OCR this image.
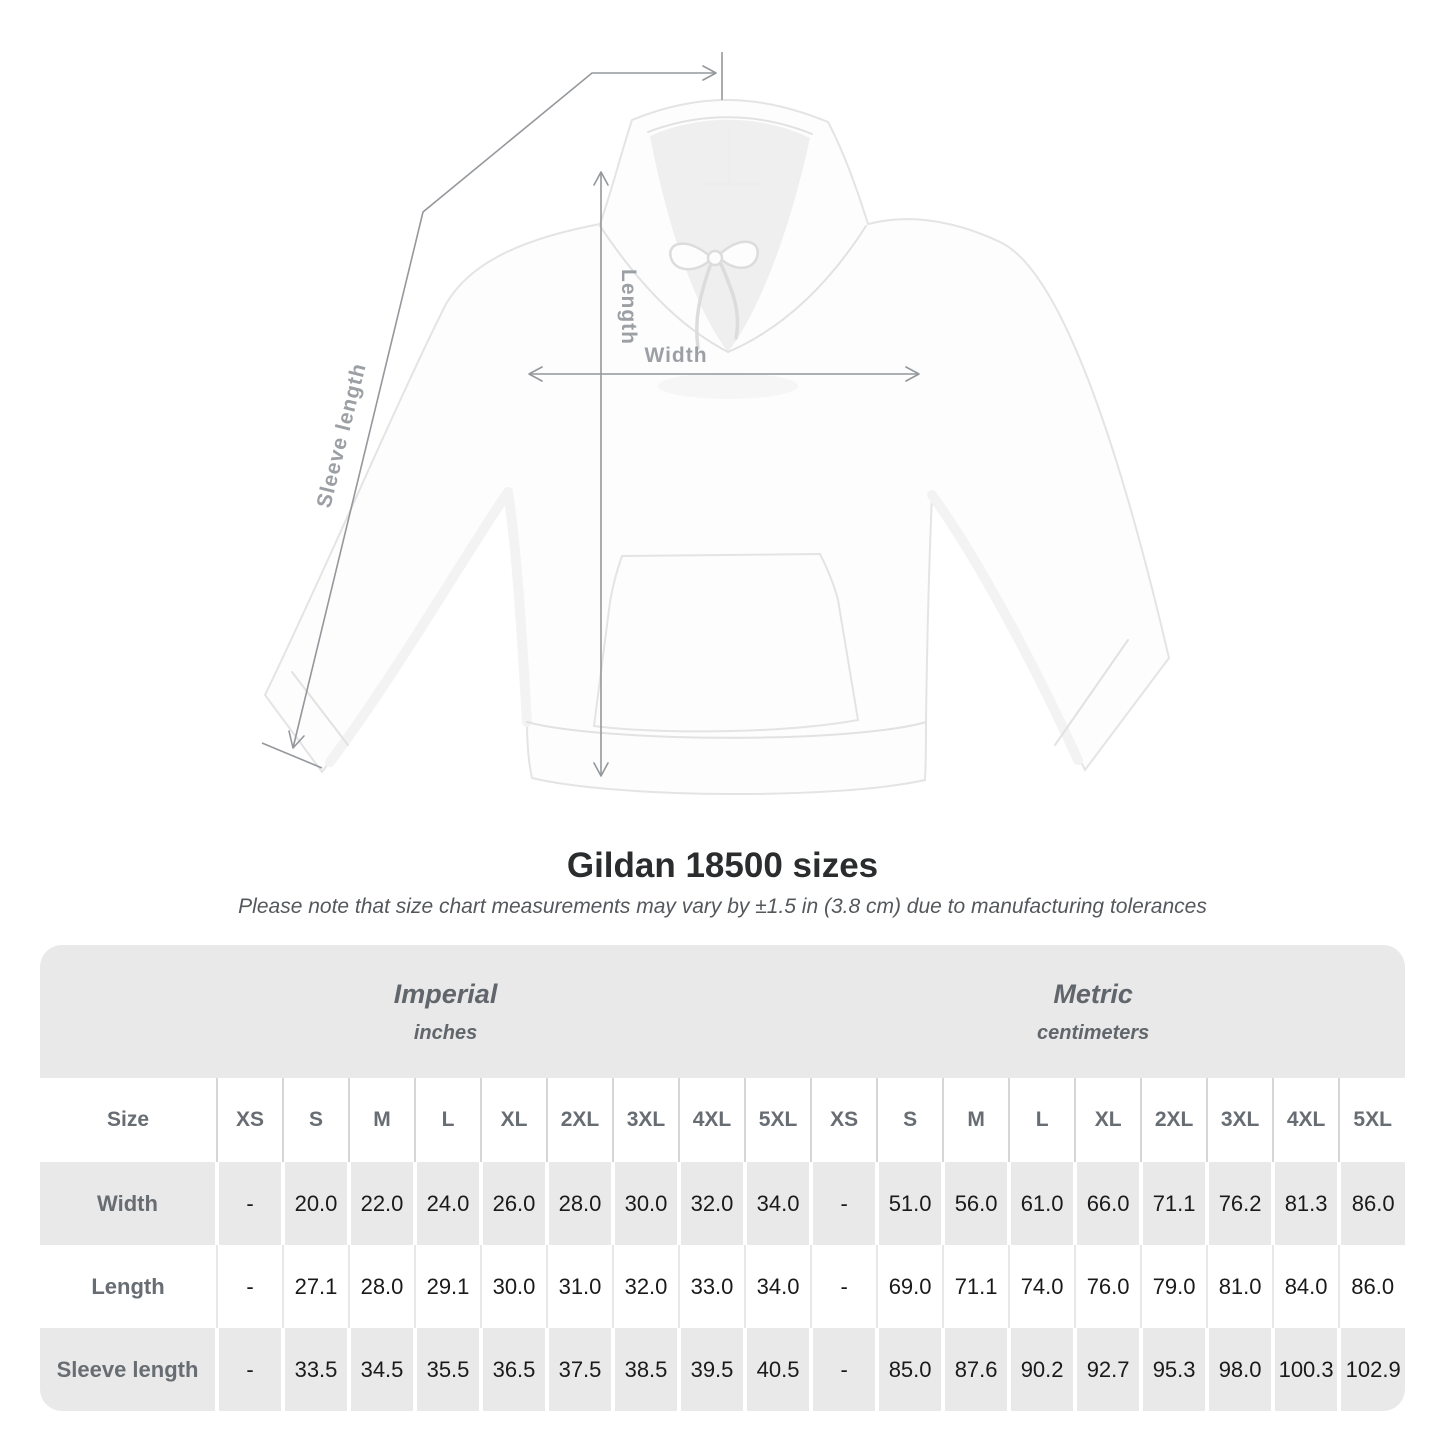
Length
Width
Sleeve length
Gildan 18500 sizes
Please note that size chart measurements may vary by ±1.5 in (3.8 cm) due to manufacturing tolerances
Imperial
inches

Metric
centimeters

Size	XS	S	M	L	XL	2XL	3XL	4XL	5XL	XS	S	M	L	XL	2XL	3XL	4XL	5XL
Width	-	20.0	22.0	24.0	26.0	28.0	30.0	32.0	34.0	-	51.0	56.0	61.0	66.0	71.1	76.2	81.3	86.0
Length	-	27.1	28.0	29.1	30.0	31.0	32.0	33.0	34.0	-	69.0	71.1	74.0	76.0	79.0	81.0	84.0	86.0
Sleeve length	-	33.5	34.5	35.5	36.5	37.5	38.5	39.5	40.5	-	85.0	87.6	90.2	92.7	95.3	98.0	100.3	102.9
